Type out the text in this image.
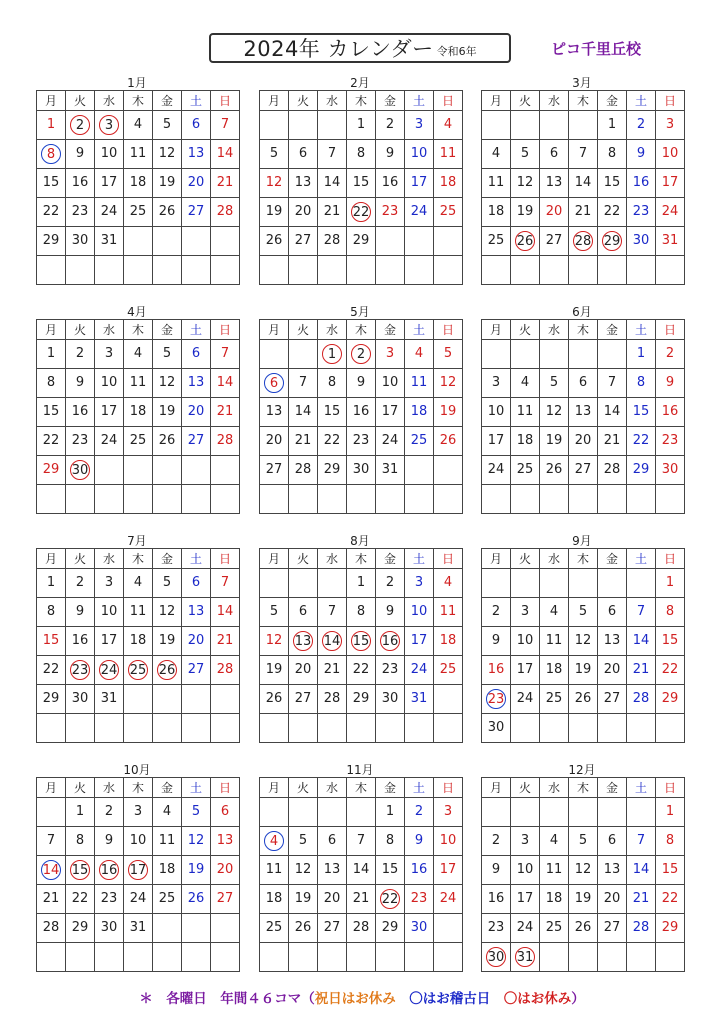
2024年 カレンダー 令和6年	ピコ千里丘校
1月
月	火	水	木	金	土	日
1	2	3	4	5	6	7
8	9	10	11	12	13	14
15	16	17	18	19	20	21
22	23	24	25	26	27	28
29	30	31				

2月
月	火	水	木	金	土	日
			1	2	3	4
5	6	7	8	9	10	11
12	13	14	15	16	17	18
19	20	21	22	23	24	25
26	27	28	29			

3月
月	火	水	木	金	土	日
				1	2	3
4	5	6	7	8	9	10
11	12	13	14	15	16	17
18	19	20	21	22	23	24
25	26	27	28	29	30	31

4月
月	火	水	木	金	土	日
1	2	3	4	5	6	7
8	9	10	11	12	13	14
15	16	17	18	19	20	21
22	23	24	25	26	27	28
29	30					

5月
月	火	水	木	金	土	日
		1	2	3	4	5
6	7	8	9	10	11	12
13	14	15	16	17	18	19
20	21	22	23	24	25	26
27	28	29	30	31		

6月
月	火	水	木	金	土	日
					1	2
3	4	5	6	7	8	9
10	11	12	13	14	15	16
17	18	19	20	21	22	23
24	25	26	27	28	29	30

7月
月	火	水	木	金	土	日
1	2	3	4	5	6	7
8	9	10	11	12	13	14
15	16	17	18	19	20	21
22	23	24	25	26	27	28
29	30	31				

8月
月	火	水	木	金	土	日
			1	2	3	4
5	6	7	8	9	10	11
12	13	14	15	16	17	18
19	20	21	22	23	24	25
26	27	28	29	30	31	

9月
月	火	水	木	金	土	日
						1
2	3	4	5	6	7	8
9	10	11	12	13	14	15
16	17	18	19	20	21	22
23	24	25	26	27	28	29
30						
10月
月	火	水	木	金	土	日
	1	2	3	4	5	6
7	8	9	10	11	12	13
14	15	16	17	18	19	20
21	22	23	24	25	26	27
28	29	30	31			

11月
月	火	水	木	金	土	日
				1	2	3
4	5	6	7	8	9	10
11	12	13	14	15	16	17
18	19	20	21	22	23	24
25	26	27	28	29	30	

12月
月	火	水	木	金	土	日
						1
2	3	4	5	6	7	8
9	10	11	12	13	14	15
16	17	18	19	20	21	22
23	24	25	26	27	28	29
30	31					
＊　各曜日　年間４６コマ（祝日はお休み　 〇はお稽古日　 〇はお休み）
